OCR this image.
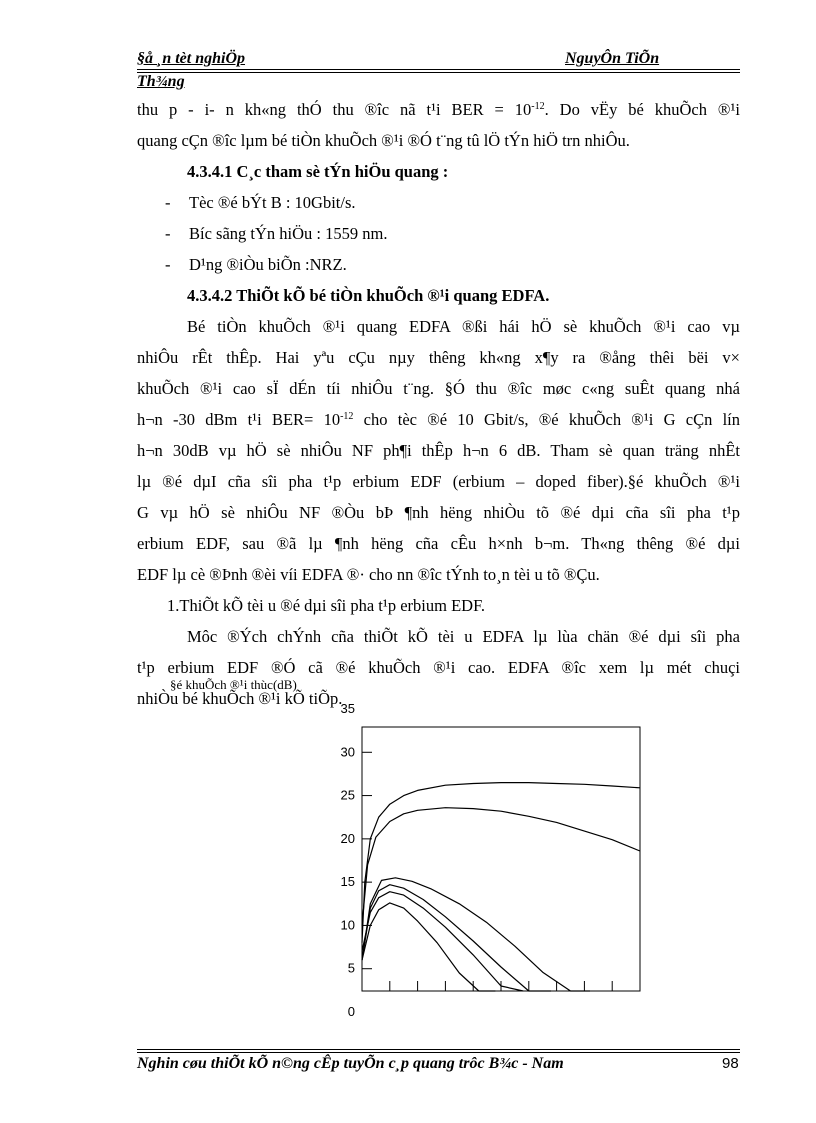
§å ¸n tèt nghiÖp	NguyÔn TiÕn
Th¾ng
thu p - i- n kh«ng thÓ thu ®îc nã t¹i BER = $10^{-12}$. Do vËy bé khuÕch ®¹i
quang cÇn ®îc lµm bé tiÒn khuÕch ®¹i ®Ó t¨ng tû lÖ tÝn hiÖ trn nhiÔu.
4.3.4.1 C¸c tham sè tÝn hiÖu quang :
- Tèc ®é bÝt B : 10Gbit/s.
- Bíc sãng tÝn hiÖu : 1559 nm.
- D¹ng ®iÒu biÕn :NRZ.
4.3.4.2 ThiÕt kÕ bé tiÒn khuÕch ®¹i quang EDFA.
Bé tiÒn khuÕch ®¹i quang EDFA ®ßi hái hÖ sè khuÕch ®¹i cao vµ
nhiÔu rÊt thÊp. Hai yªu cÇu nµy thêng kh«ng x¶y ra ®ång thêi bëi v×
khuÕch ®¹i cao sÏ dÉn tíi nhiÔu t¨ng. §Ó thu ®îc møc c«ng suÊt quang nhá
h¬n -30 dBm t¹i $BER= 10^{-12}$ cho tèc ®é 10 Gbit/s, ®é khuÕch ®¹i G cÇn lín
h¬n 30dB vµ hÖ sè nhiÔu NF ph¶i thÊp h¬n 6 dB. Tham sè quan träng nhÊt
lµ ®é dµI cña sîi pha t¹p erbium EDF (erbium – doped fiber).§é khuÕch ®¹i
G vµ hÖ sè nhiÔu NF ®Òu bÞ ¶nh hëng nhiÒu tõ ®é dµi cña sîi pha t¹p
erbium EDF, sau ®ã lµ ¶nh hëng cña cÊu h×nh b¬m. Th«ng thêng ®é dµi
EDF lµ cè ®Þnh ®èi víi EDFA ®· cho nn ®îc tÝnh to¸n tèi u tõ ®Çu.
1.ThiÕt kÕ tèi u ®é dµi sîi pha t¹p erbium EDF.
Môc ®Ých chÝnh cña thiÕt kÕ tèi u EDFA lµ lùa chän ®é dµi sîi pha
t¹p erbium EDF ®Ó cã ®é khuÕch ®¹i cao. EDFA ®îc xem lµ mét chuçi
nhiÒu bé khuÕch ®¹i kÕ tiÕp.
§é khuÕch ®¹i thùc(dB)
0
5
10
15
20
25
30
35
Nghin cøu thiÕt kÕ n©ng cÊp tuyÕn c¸p quang trôc B¾c - Nam	98
